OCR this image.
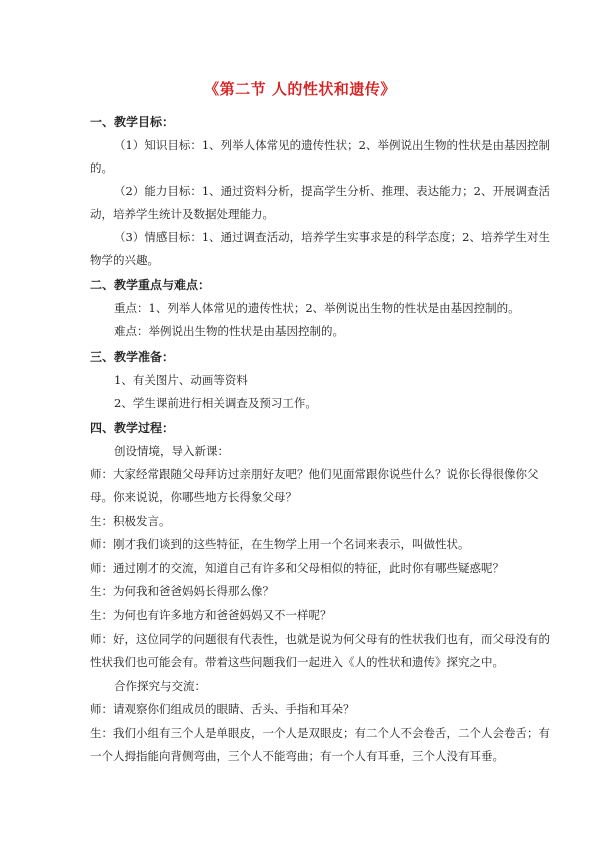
《第二节 人的性状和遗传》
一、教学目标：
（1）知识目标：1、列举人体常见的遗传性状；2、举例说出生物的性状是由基因控制
的。
（2）能力目标：1、通过资料分析，提高学生分析、推理、表达能力；2、开展调查活
动，培养学生统计及数据处理能力。
（3）情感目标：1、通过调查活动，培养学生实事求是的科学态度；2、培养学生对生
物学的兴趣。
二、教学重点与难点：
重点：1、列举人体常见的遗传性状；2、举例说出生物的性状是由基因控制的。
难点：举例说出生物的性状是由基因控制的。
三、教学准备：
1、有关图片、动画等资料
2、学生课前进行相关调查及预习工作。
四、教学过程：
创设情境，导入新课：
师：大家经常跟随父母拜访过亲朋好友吧？他们见面常跟你说些什么？说你长得很像你父
母。你来说说，你哪些地方长得象父母？
生：积极发言。
师：刚才我们谈到的这些特征，在生物学上用一个名词来表示，叫做性状。
师：通过刚才的交流，知道自己有许多和父母相似的特征，此时你有哪些疑惑呢？
生：为何我和爸爸妈妈长得那么像？
生：为何也有许多地方和爸爸妈妈又不一样呢？
师：好，这位同学的问题很有代表性，也就是说为何父母有的性状我们也有，而父母没有的
性状我们也可能会有。带着这些问题我们一起进入《人的性状和遗传》探究之中。
合作探究与交流：
师：请观察你们组成员的眼睛、舌头、手指和耳朵？
生：我们小组有三个人是单眼皮，一个人是双眼皮；有二个人不会卷舌，二个人会卷舌；有
一个人拇指能向背侧弯曲，三个人不能弯曲；有一个人有耳垂，三个人没有耳垂。
